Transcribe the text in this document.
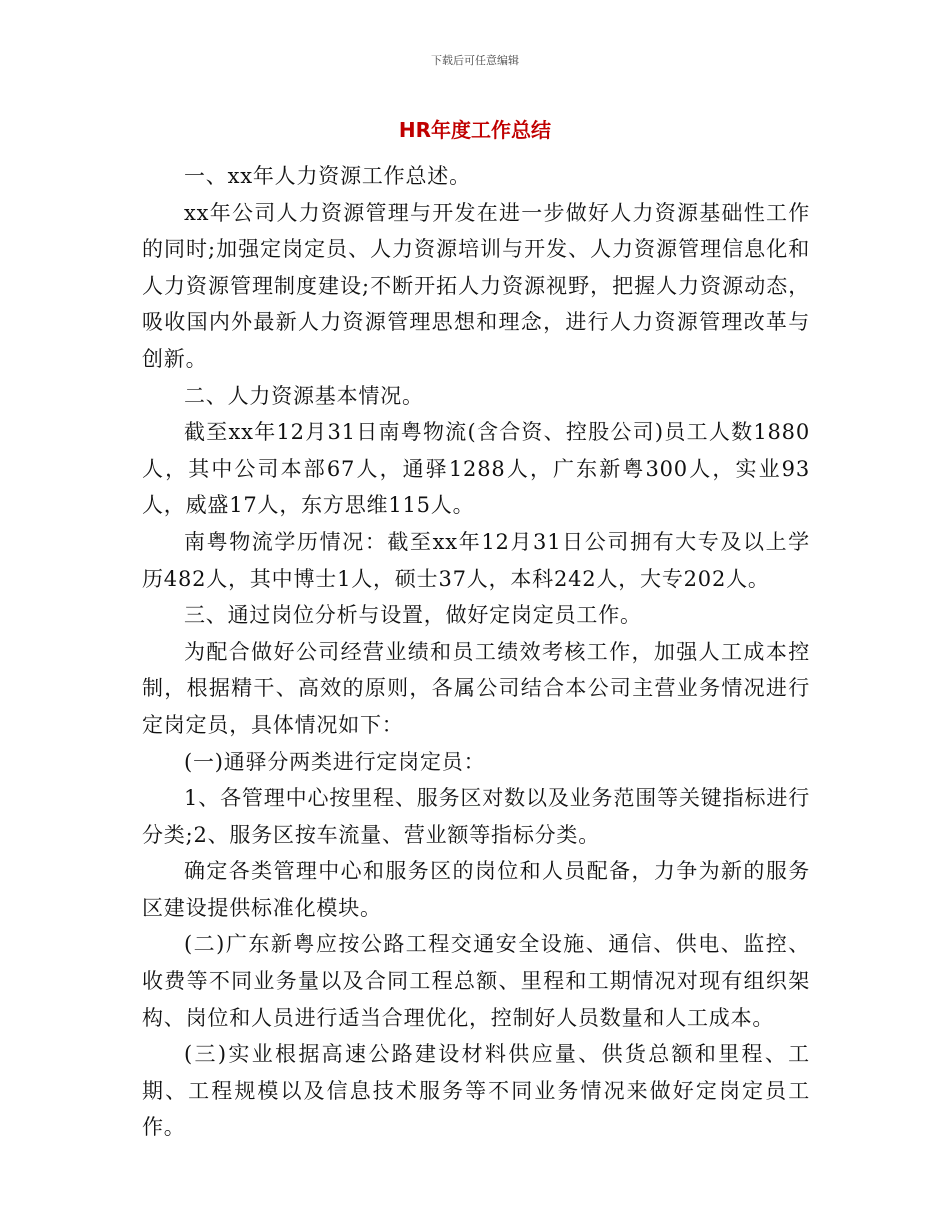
下载后可任意编辑
HR年度工作总结

一、xx年人力资源工作总述。

xx年公司人力资源管理与开发在进一步做好人力资源基础性工作的同时;加强定岗定员、人力资源培训与开发、人力资源管理信息化和人力资源管理制度建设;不断开拓人力资源视野，把握人力资源动态，吸收国内外最新人力资源管理思想和理念，进行人力资源管理改革与创新。

二、人力资源基本情况。

截至xx年12月31日南粤物流(含合资、控股公司)员工人数1880人，其中公司本部67人，通驿1288人，广东新粤300人，实业93人，威盛17人，东方思维115人。

南粤物流学历情况：截至xx年12月31日公司拥有大专及以上学历482人，其中博士1人，硕士37人，本科242人，大专202人。

三、通过岗位分析与设置，做好定岗定员工作。

为配合做好公司经营业绩和员工绩效考核工作，加强人工成本控制，根据精干、高效的原则，各属公司结合本公司主营业务情况进行定岗定员，具体情况如下：

(一)通驿分两类进行定岗定员：

1、各管理中心按里程、服务区对数以及业务范围等关键指标进行分类;2、服务区按车流量、营业额等指标分类。

确定各类管理中心和服务区的岗位和人员配备，力争为新的服务区建设提供标准化模块。

(二)广东新粤应按公路工程交通安全设施、通信、供电、监控、收费等不同业务量以及合同工程总额、里程和工期情况对现有组织架构、岗位和人员进行适当合理优化，控制好人员数量和人工成本。

(三)实业根据高速公路建设材料供应量、供货总额和里程、工期、工程规模以及信息技术服务等不同业务情况来做好定岗定员工作。
